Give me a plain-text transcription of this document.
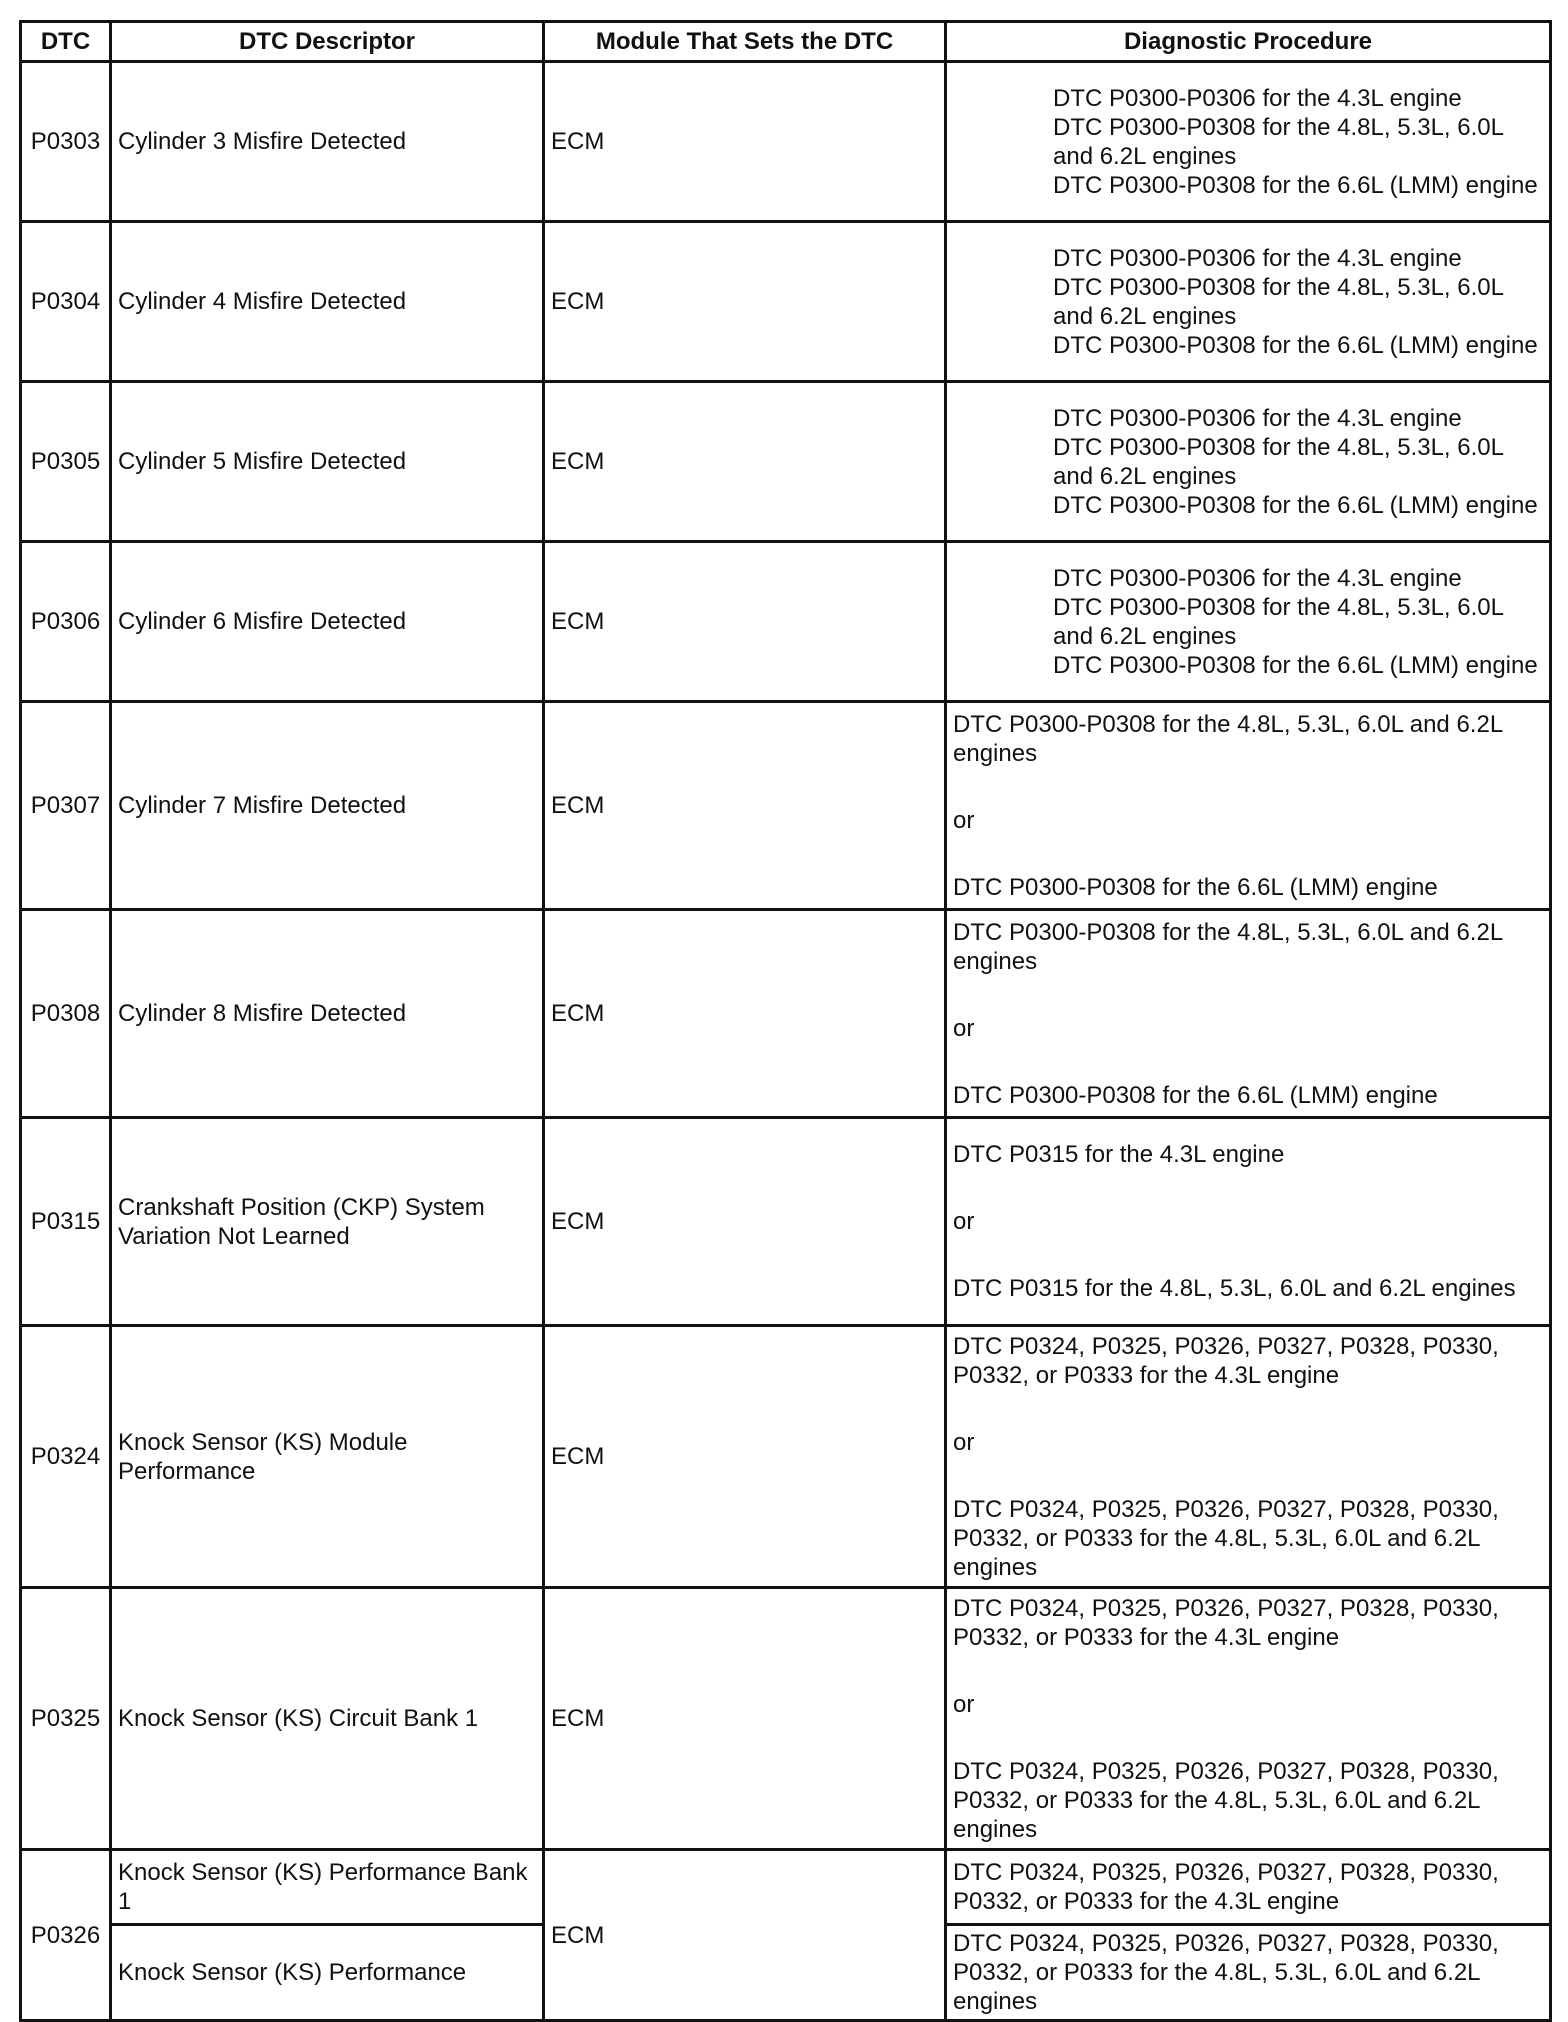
DTC	DTC Descriptor	Module That Sets the DTC	Diagnostic Procedure
P0303	Cylinder 3 Misfire Detected	ECM	DTC P0300-P0306 for the 4.3L engine
DTC P0300-P0308 for the 4.8L, 5.3L, 6.0L and 6.2L engines
DTC P0300-P0308 for the 6.6L (LMM) engine

P0304	Cylinder 4 Misfire Detected	ECM	DTC P0300-P0306 for the 4.3L engine
DTC P0300-P0308 for the 4.8L, 5.3L, 6.0L and 6.2L engines
DTC P0300-P0308 for the 6.6L (LMM) engine

P0305	Cylinder 5 Misfire Detected	ECM	DTC P0300-P0306 for the 4.3L engine
DTC P0300-P0308 for the 4.8L, 5.3L, 6.0L and 6.2L engines
DTC P0300-P0308 for the 6.6L (LMM) engine

P0306	Cylinder 6 Misfire Detected	ECM	DTC P0300-P0306 for the 4.3L engine
DTC P0300-P0308 for the 4.8L, 5.3L, 6.0L and 6.2L engines
DTC P0300-P0308 for the 6.6L (LMM) engine

P0307	Cylinder 7 Misfire Detected	ECM	DTC P0300-P0308 for the 4.8L, 5.3L, 6.0L and 6.2L engines
or
DTC P0300-P0308 for the 6.6L (LMM) engine

P0308	Cylinder 8 Misfire Detected	ECM	DTC P0300-P0308 for the 4.8L, 5.3L, 6.0L and 6.2L engines
or
DTC P0300-P0308 for the 6.6L (LMM) engine

P0315	Crankshaft Position (CKP) System Variation Not Learned	ECM	DTC P0315 for the 4.3L engine
or
DTC P0315 for the 4.8L, 5.3L, 6.0L and 6.2L engines

P0324	Knock Sensor (KS) Module Performance	ECM	DTC P0324, P0325, P0326, P0327, P0328, P0330, P0332, or P0333 for the 4.3L engine
or
DTC P0324, P0325, P0326, P0327, P0328, P0330, P0332, or P0333 for the 4.8L, 5.3L, 6.0L and 6.2L engines

P0325	Knock Sensor (KS) Circuit Bank 1	ECM	DTC P0324, P0325, P0326, P0327, P0328, P0330, P0332, or P0333 for the 4.3L engine
or
DTC P0324, P0325, P0326, P0327, P0328, P0330, P0332, or P0333 for the 4.8L, 5.3L, 6.0L and 6.2L engines

P0326	Knock Sensor (KS) Performance Bank 1	ECM	DTC P0324, P0325, P0326, P0327, P0328, P0330, P0332, or P0333 for the 4.3L engine

	Knock Sensor (KS) Performance		DTC P0324, P0325, P0326, P0327, P0328, P0330, P0332, or P0333 for the 4.8L, 5.3L, 6.0L and 6.2L engines
